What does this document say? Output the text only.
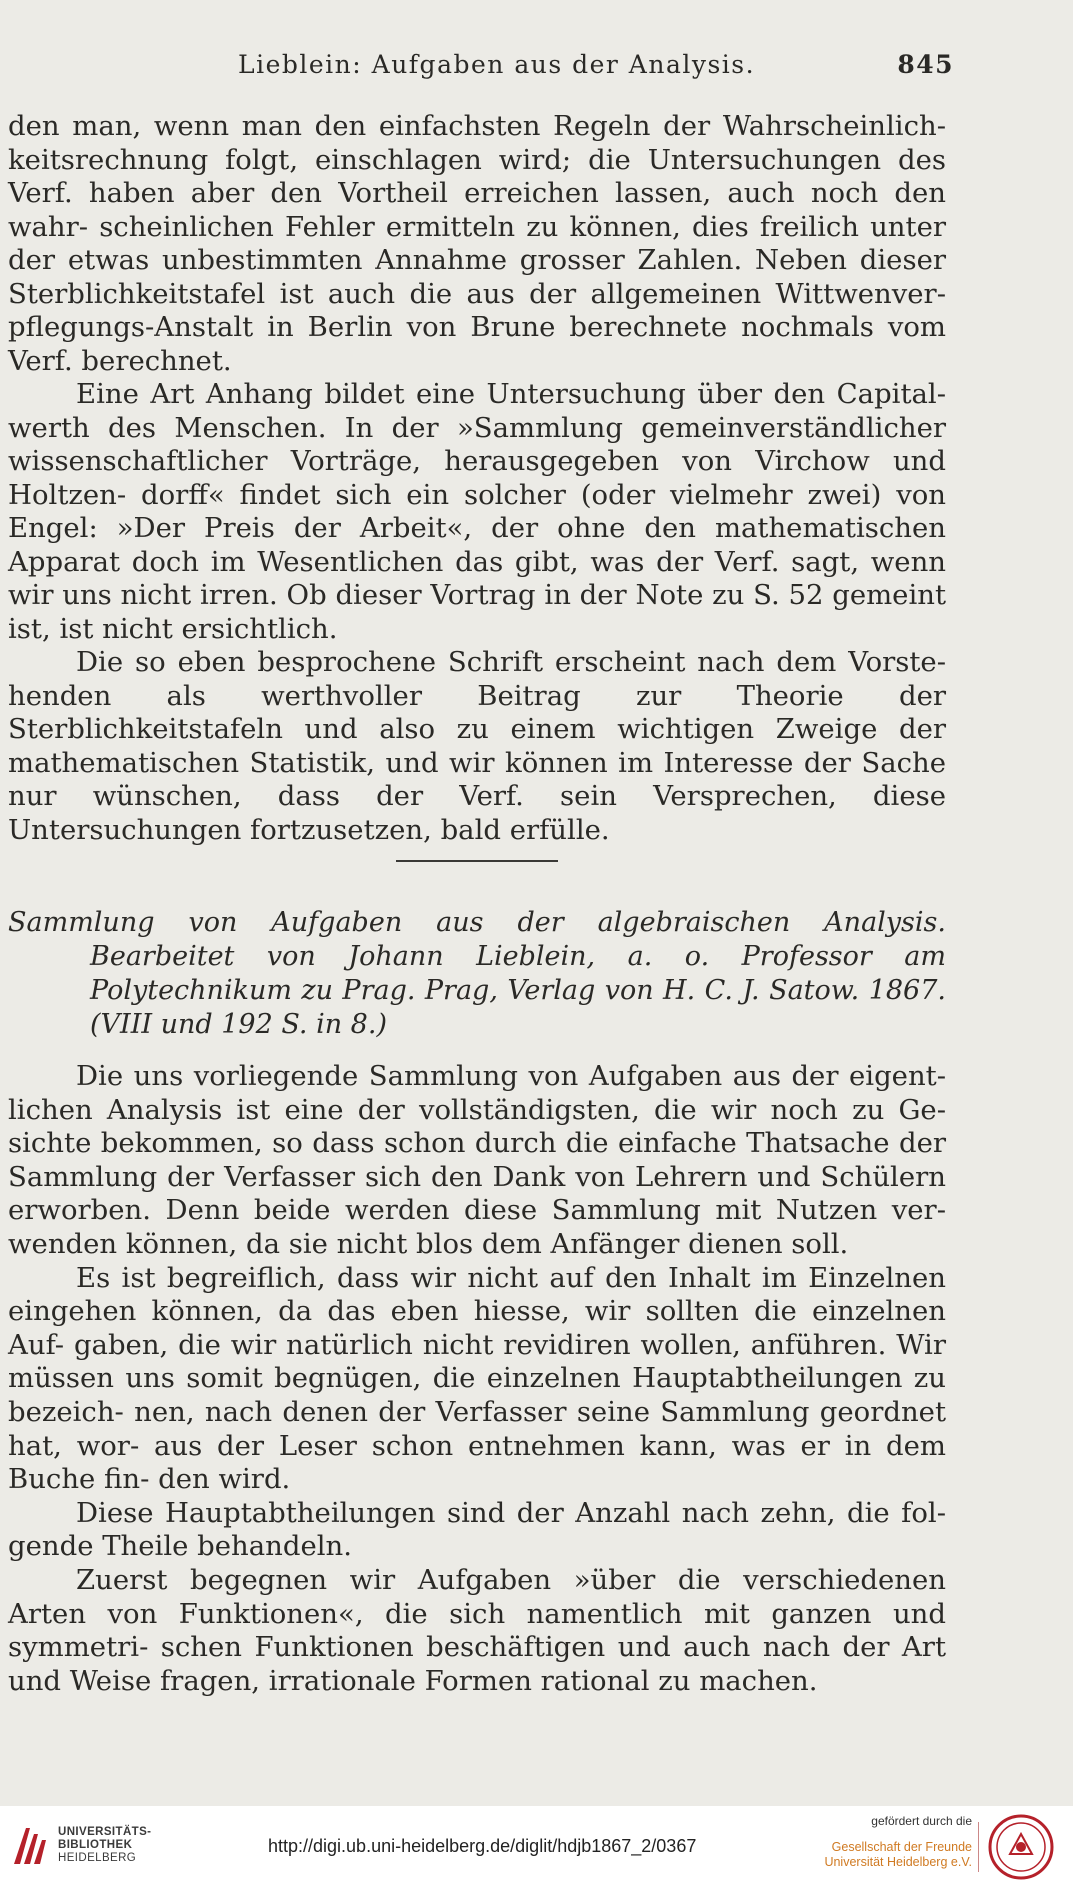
Lieblein: Aufgaben aus der Analysis.	845

den man, wenn man den einfachsten Regeln der Wahrscheinlich- keitsrechnung folgt, einschlagen wird; die Untersuchungen des Verf. haben aber den Vortheil erreichen lassen, auch noch den wahr- scheinlichen Fehler ermitteln zu können, dies freilich unter der etwas unbestimmten Annahme grosser Zahlen. Neben dieser Sterblichkeitstafel ist auch die aus der allgemeinen Wittwenver- pflegungs-Anstalt in Berlin von Brune berechnete nochmals vom Verf. berechnet.

Eine Art Anhang bildet eine Untersuchung über den Capital- werth des Menschen. In der »Sammlung gemeinverständlicher wissenschaftlicher Vorträge, herausgegeben von Virchow und Holtzen- dorff« findet sich ein solcher (oder vielmehr zwei) von Engel: »Der Preis der Arbeit«, der ohne den mathematischen Apparat doch im Wesentlichen das gibt, was der Verf. sagt, wenn wir uns nicht irren. Ob dieser Vortrag in der Note zu S. 52 gemeint ist, ist nicht ersichtlich.

Die so eben besprochene Schrift erscheint nach dem Vorste- henden als werthvoller Beitrag zur Theorie der Sterblichkeitstafeln und also zu einem wichtigen Zweige der mathematischen Statistik, und wir können im Interesse der Sache nur wünschen, dass der Verf. sein Versprechen, diese Untersuchungen fortzusetzen, bald erfülle.

Sammlung von Aufgaben aus der algebraischen Analysis. Bearbeitet von Johann Lieblein, a. o. Professor am Polytechnikum zu Prag. Prag, Verlag von H. C. J. Satow. 1867. (VIII und 192 S. in 8.)

Die uns vorliegende Sammlung von Aufgaben aus der eigent- lichen Analysis ist eine der vollständigsten, die wir noch zu Ge- sichte bekommen, so dass schon durch die einfache Thatsache der Sammlung der Verfasser sich den Dank von Lehrern und Schülern erworben. Denn beide werden diese Sammlung mit Nutzen ver- wenden können, da sie nicht blos dem Anfänger dienen soll.

Es ist begreiflich, dass wir nicht auf den Inhalt im Einzelnen eingehen können, da das eben hiesse, wir sollten die einzelnen Auf- gaben, die wir natürlich nicht revidiren wollen, anführen. Wir müssen uns somit begnügen, die einzelnen Hauptabtheilungen zu bezeich- nen, nach denen der Verfasser seine Sammlung geordnet hat, wor- aus der Leser schon entnehmen kann, was er in dem Buche fin- den wird.

Diese Hauptabtheilungen sind der Anzahl nach zehn, die fol- gende Theile behandeln.

Zuerst begegnen wir Aufgaben »über die verschiedenen Arten von Funktionen«, die sich namentlich mit ganzen und symmetri- schen Funktionen beschäftigen und auch nach der Art und Weise fragen, irrationale Formen rational zu machen.

UNIVERSITÄTS-
BIBLIOTHEK
HEIDELBERG
http://digi.ub.uni-heidelberg.de/diglit/hdjb1867_2/0367
gefördert durch die
Gesellschaft der Freunde
Universität Heidelberg e.V.
